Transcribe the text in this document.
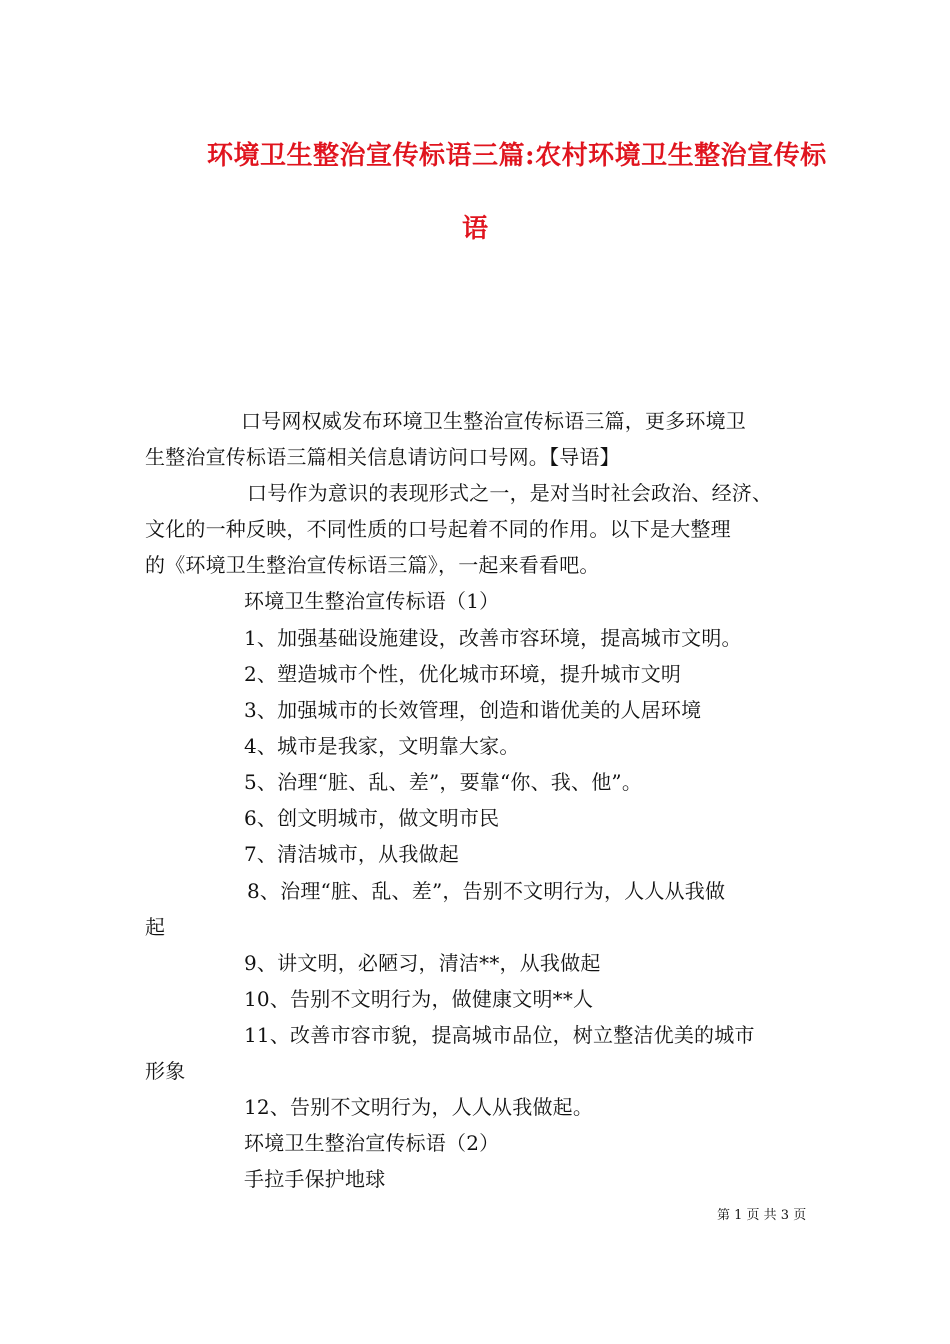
环境卫生整治宣传标语三篇:农村环境卫生整治宣传标
语
口号网权威发布环境卫生整治宣传标语三篇，更多环境卫
生整治宣传标语三篇相关信息请访问口号网。【导语】
口号作为意识的表现形式之一，是对当时社会政治、经济、
文化的一种反映，不同性质的口号起着不同的作用。以下是大整理
的《环境卫生整治宣传标语三篇》，一起来看看吧。
环境卫生整治宣传标语（1）
1、加强基础设施建设，改善市容环境，提高城市文明。
2、塑造城市个性，优化城市环境，提升城市文明
3、加强城市的长效管理，创造和谐优美的人居环境
4、城市是我家，文明靠大家。
5、治理“脏、乱、差”，要靠“你、我、他”。
6、创文明城市，做文明市民
7、清洁城市，从我做起
8、治理“脏、乱、差”，告别不文明行为，人人从我做
起
9、讲文明，必陋习，清洁**，从我做起
10、告别不文明行为，做健康文明**人
11、改善市容市貌，提高城市品位，树立整洁优美的城市
形象
12、告别不文明行为，人人从我做起。
环境卫生整治宣传标语（2）
手拉手保护地球
第 1 页 共 3 页
